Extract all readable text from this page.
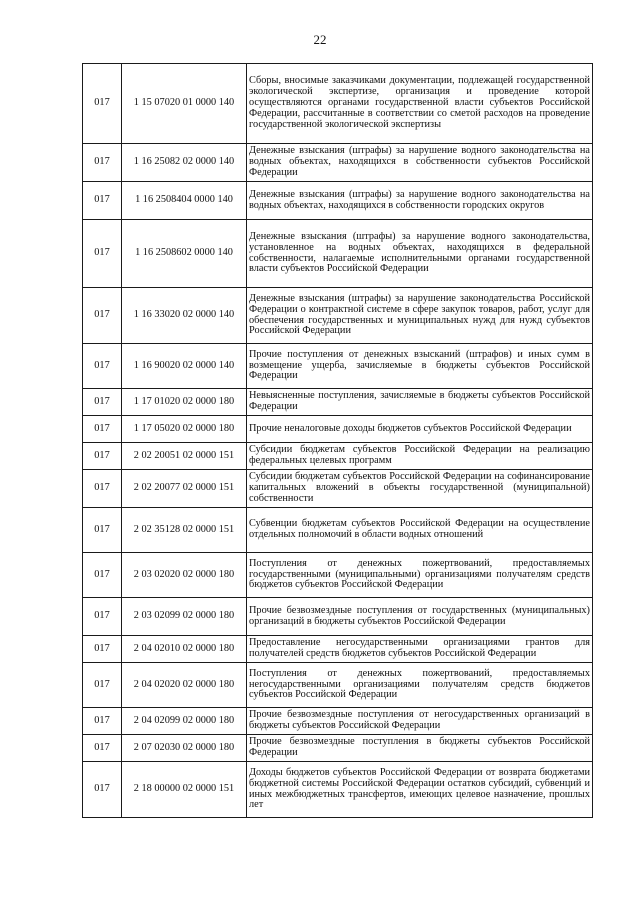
22
017	1 15 07020 01 0000 140	Сборы, вносимые заказчиками документации, подлежащей государственной экологической экспертизе, организация и проведение которой осуществляются органами государственной власти субъектов Российской Федерации, рассчитанные в соответствии со сметой расходов на проведение государственной экологической экспертизы
017	1 16 25082 02 0000 140	Денежные взыскания (штрафы) за нарушение водного законодательства на водных объектах, находящихся в собственности субъектов Российской Федерации
017	1 16 2508404 0000 140	Денежные взыскания (штрафы) за нарушение водного законодательства на водных объектах, находящихся в собственности городских округов
017	1 16 2508602 0000 140	Денежные взыскания (штрафы) за нарушение водного законодательства, установленное на водных объектах, находящихся в федеральной собственности, налагаемые исполнительными органами государственной власти субъектов Российской Федерации
017	1 16 33020 02 0000 140	Денежные взыскания (штрафы) за нарушение законодательства Российской Федерации о контрактной системе в сфере закупок товаров, работ, услуг для обеспечения государственных и муниципальных нужд для нужд субъектов Российской Федерации
017	1 16 90020 02 0000 140	Прочие поступления от денежных взысканий (штрафов) и иных сумм в возмещение ущерба, зачисляемые в бюджеты субъектов Российской Федерации
017	1 17 01020 02 0000 180	Невыясненные поступления, зачисляемые в бюджеты субъектов Российской Федерации
017	1 17 05020 02 0000 180	Прочие неналоговые доходы бюджетов субъектов Российской Федерации
017	2 02 20051 02 0000 151	Субсидии бюджетам субъектов Российской Федерации на реализацию федеральных целевых программ
017	2 02 20077 02 0000 151	Субсидии бюджетам субъектов Российской Федерации на софинансирование капитальных вложений в объекты государственной (муниципальной) собственности
017	2 02 35128 02 0000 151	Субвенции бюджетам субъектов Российской Федерации на осуществление отдельных полномочий в области водных отношений
017	2 03 02020 02 0000 180	Поступления от денежных пожертвований, предоставляемых государственными (муниципальными) организациями получателям средств бюджетов субъектов Российской Федерации
017	2 03 02099 02 0000 180	Прочие безвозмездные поступления от государственных (муниципальных) организаций в бюджеты субъектов Российской Федерации
017	2 04 02010 02 0000 180	Предоставление негосударственными организациями грантов для получателей средств бюджетов субъектов Российской Федерации
017	2 04 02020 02 0000 180	Поступления от денежных пожертвований, предоставляемых негосударственными организациями получателям средств бюджетов субъектов Российской Федерации
017	2 04 02099 02 0000 180	Прочие безвозмездные поступления от негосударственных организаций в бюджеты субъектов Российской Федерации
017	2 07 02030 02 0000 180	Прочие безвозмездные поступления в бюджеты субъектов Российской Федерации
017	2 18 00000 02 0000 151	Доходы бюджетов субъектов Российской Федерации от возврата бюджетами бюджетной системы Российской Федерации остатков субсидий, субвенций и иных межбюджетных трансфертов, имеющих целевое назначение, прошлых лет
